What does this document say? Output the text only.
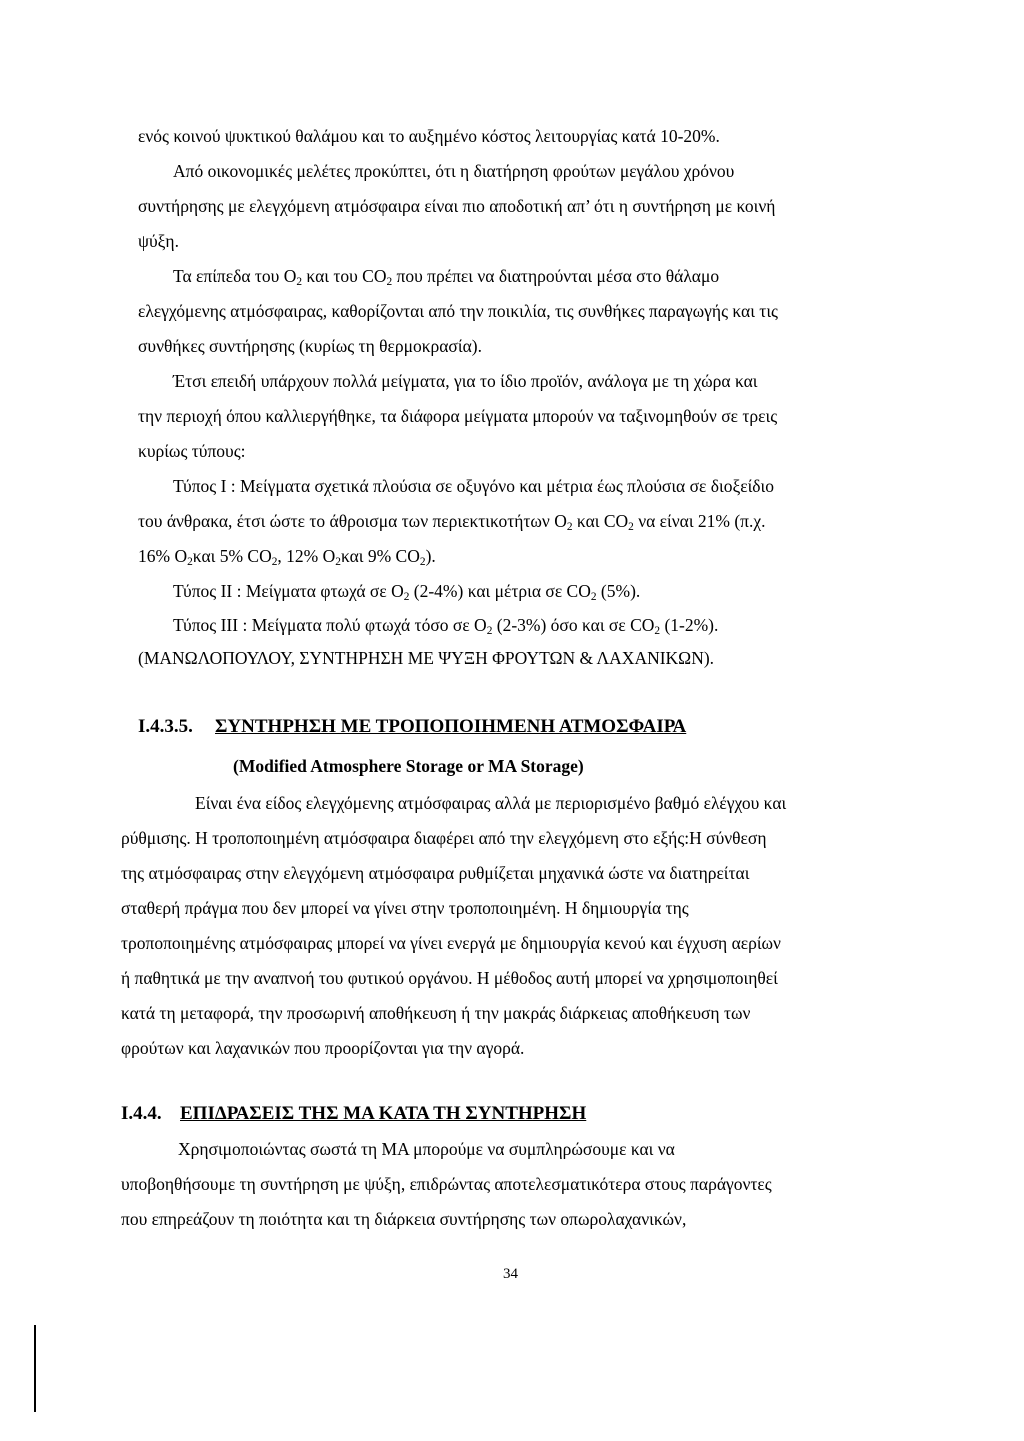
ενός κοινού ψυκτικού θαλάμου και το αυξημένο κόστος λειτουργίας κατά 10-20%.
Από οικονομικές μελέτες προκύπτει, ότι η διατήρηση φρούτων μεγάλου χρόνου
συντήρησης με ελεγχόμενη ατμόσφαιρα είναι πιο αποδοτική απ’ ότι η συντήρηση με κοινή
ψύξη.
Τα επίπεδα του $O_2$ και του $CO_2$ που πρέπει να διατηρούνται μέσα στο θάλαμο
ελεγχόμενης ατμόσφαιρας, καθορίζονται από την ποικιλία, τις συνθήκες παραγωγής και τις
συνθήκες συντήρησης (κυρίως τη θερμοκρασία).
Έτσι επειδή υπάρχουν πολλά μείγματα, για το ίδιο προϊόν, ανάλογα με τη χώρα και
την περιοχή όπου καλλιεργήθηκε, τα διάφορα μείγματα μπορούν να ταξινομηθούν σε τρεις
κυρίως τύπους:
Τύπος Ι : Μείγματα σχετικά πλούσια σε οξυγόνο και μέτρια έως πλούσια σε διοξείδιο
του άνθρακα, έτσι ώστε το άθροισμα των περιεκτικοτήτων $O_2$ και $CO_2$ να είναι 21% (π.χ.
16% $O_2\kappa\alpha\iota$ 5% $CO_2$, 12% $O_2\kappa\alpha\iota$ 9% $CO_2$).
Τύπος ΙΙ : Μείγματα φτωχά σε $O_2$ (2-4%) και μέτρια σε $CO_2$ (5%).
Τύπος ΙΙΙ : Μείγματα πολύ φτωχά τόσο σε $O_2$ (2-3%) όσο και σε $CO_2$ (1-2%).
(ΜΑΝΩΛΟΠΟΥΛΟΥ, ΣΥΝΤΗΡΗΣΗ ΜΕ ΨΥΞΗ ΦΡΟΥΤΩΝ & ΛΑΧΑΝΙΚΩΝ).
Ι.4.3.5. ΣΥΝΤΗΡΗΣΗ ΜΕ ΤΡΟΠΟΠΟΙΗΜΕΝΗ ΑΤΜΟΣΦΑΙΡΑ
(Modified Atmosphere Storage or MA Storage)
Είναι ένα είδος ελεγχόμενης ατμόσφαιρας αλλά με περιορισμένο βαθμό ελέγχου και
ρύθμισης. Η τροποποιημένη ατμόσφαιρα διαφέρει από την ελεγχόμενη στο εξής:Η σύνθεση
της ατμόσφαιρας στην ελεγχόμενη ατμόσφαιρα ρυθμίζεται μηχανικά ώστε να διατηρείται
σταθερή πράγμα που δεν μπορεί να γίνει στην τροποποιημένη. Η δημιουργία της
τροποποιημένης ατμόσφαιρας μπορεί να γίνει ενεργά με δημιουργία κενού και έγχυση αερίων
ή παθητικά με την αναπνοή του φυτικού οργάνου. Η μέθοδος αυτή μπορεί να χρησιμοποιηθεί
κατά τη μεταφορά, την προσωρινή αποθήκευση ή την μακράς διάρκειας αποθήκευση των
φρούτων και λαχανικών που προορίζονται για την αγορά.
Ι.4.4. ΕΠΙΔΡΑΣΕΙΣ ΤΗΣ ΜΑ ΚΑΤΑ ΤΗ ΣΥΝΤΗΡΗΣΗ
Χρησιμοποιώντας σωστά τη ΜΑ μπορούμε να συμπληρώσουμε και να
υποβοηθήσουμε τη συντήρηση με ψύξη, επιδρώντας αποτελεσματικότερα στους παράγοντες
που επηρεάζουν τη ποιότητα και τη διάρκεια συντήρησης των οπωρολαχανικών,
34
